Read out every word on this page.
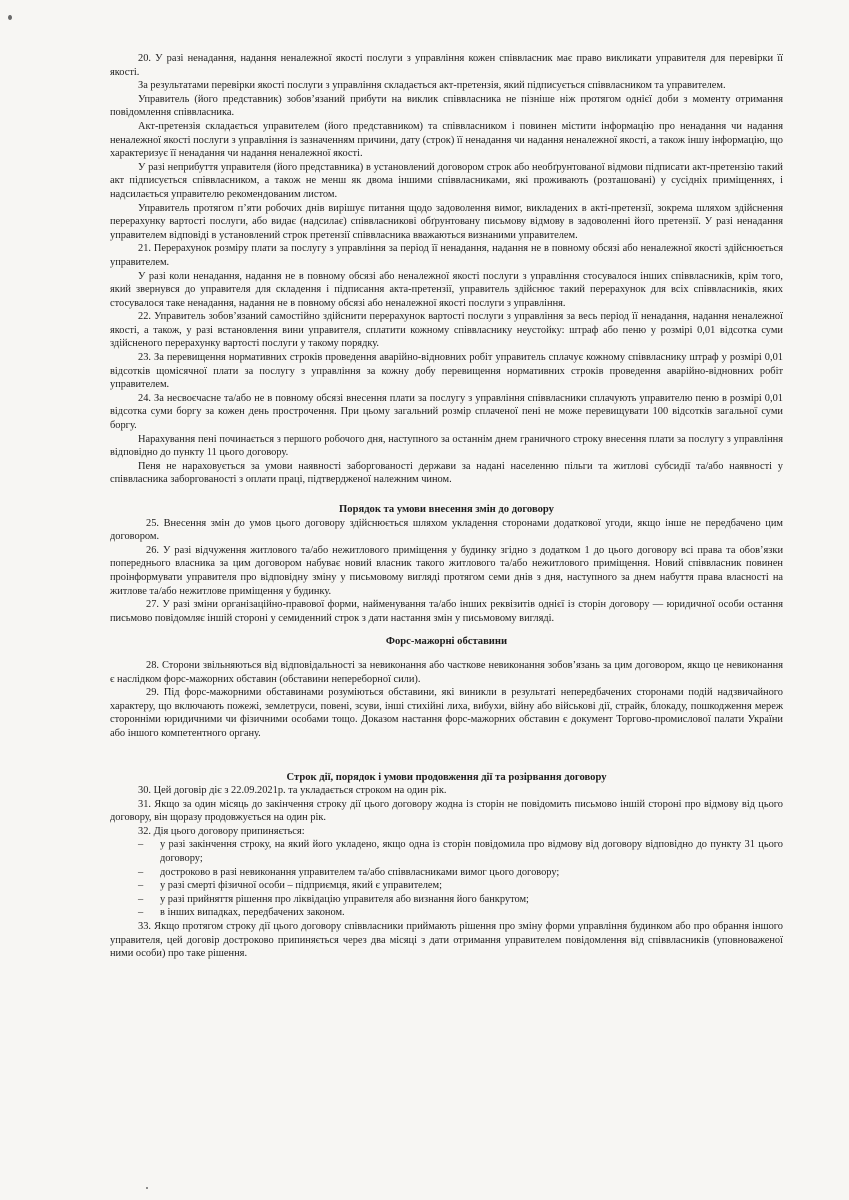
20. У разі ненадання, надання неналежної якості послуги з управління кожен співвласник має право викликати управителя для перевірки її якості.

За результатами перевірки якості послуги з управління складається акт-претензія, який підписується співвласником та управителем.

Управитель (його представник) зобов’язаний прибути на виклик співвласника не пізніше ніж протягом однієї доби з моменту отримання повідомлення співвласника.

Акт-претензія складається управителем (його представником) та співвласником і повинен містити інформацію про ненадання чи надання неналежної якості послуги з управління із зазначенням причини, дату (строк) її ненадання чи надання неналежної якості, а також іншу інформацію, що характеризує її ненадання чи надання неналежної якості.

У разі неприбуття управителя (його представника) в установлений договором строк або необґрунтованої відмови підписати акт-претензію такий акт підписується співвласником, а також не менш як двома іншими співвласниками, які проживають (розташовані) у сусідніх приміщеннях, і надсилається управителю рекомендованим листом.

Управитель протягом п’яти робочих днів вирішує питання щодо задоволення вимог, викладених в акті-претензії, зокрема шляхом здійснення перерахунку вартості послуги, або видає (надсилає) співвласникові обґрунтовану письмову відмову в задоволенні його претензії. У разі ненадання управителем відповіді в установлений строк претензії співвласника вважаються визнаними управителем.

21. Перерахунок розміру плати за послугу з управління за період її ненадання, надання не в повному обсязі або неналежної якості здійснюється управителем.

У разі коли ненадання, надання не в повному обсязі або неналежної якості послуги з управління стосувалося інших співвласників, крім того, який звернувся до управителя для складення і підписання акта-претензії, управитель здійснює такий перерахунок для всіх співвласників, яких стосувалося таке ненадання, надання не в повному обсязі або неналежної якості послуги з управління.

22. Управитель зобов’язаний самостійно здійснити перерахунок вартості послуги з управління за весь період її ненадання, надання неналежної якості, а також, у разі встановлення вини управителя, сплатити кожному співвласнику неустойку: штраф або пеню у розмірі 0,01 відсотка суми здійсненого перерахунку вартості послуги у такому порядку.

23. За перевищення нормативних строків проведення аварійно-відновних робіт управитель сплачує кожному співвласнику штраф у розмірі 0,01 відсотків щомісячної плати за послугу з управління за кожну добу перевищення нормативних строків проведення аварійно-відновних робіт управителем.

24. За несвоєчасне та/або не в повному обсязі внесення плати за послугу з управління співвласники сплачують управителю пеню в розмірі 0,01 відсотка суми боргу за кожен день прострочення. При цьому загальний розмір сплаченої пені не може перевищувати 100 відсотків загальної суми боргу.

Нарахування пені починається з першого робочого дня, наступного за останнім днем граничного строку внесення плати за послугу з управління відповідно до пункту 11 цього договору.

Пеня не нараховується за умови наявності заборгованості держави за надані населенню пільги та житлові субсидії та/або наявності у співвласника заборгованості з оплати праці, підтвердженої належним чином.

Порядок та умови внесення змін до договору

25. Внесення змін до умов цього договору здійснюється шляхом укладення сторонами додаткової угоди, якщо інше не передбачено цим договором.

26. У разі відчуження житлового та/або нежитлового приміщення у будинку згідно з додатком 1 до цього договору всі права та обов’язки попереднього власника за цим договором набуває новий власник такого житлового та/або нежитлового приміщення. Новий співвласник повинен проінформувати управителя про відповідну зміну у письмовому вигляді протягом семи днів з дня, наступного за днем набуття права власності на житлове та/або нежитлове приміщення у будинку.

27. У разі зміни організаційно-правової форми, найменування та/або інших реквізитів однієї із сторін договору — юридичної особи остання письмово повідомляє іншій стороні у семиденний строк з дати настання змін у письмовому вигляді.

Форс-мажорні обставини

28. Сторони звільняються від відповідальності за невиконання або часткове невиконання зобов’язань за цим договором, якщо це невиконання є наслідком форс-мажорних обставин (обставини непереборної сили).

29. Під форс-мажорними обставинами розуміються обставини, які виникли в результаті непередбачених сторонами подій надзвичайного характеру, що включають пожежі, землетруси, повені, зсуви, інші стихійні лиха, вибухи, війну або військові дії, страйк, блокаду, пошкодження мереж сторонніми юридичними чи фізичними особами тощо. Доказом настання форс-мажорних обставин є документ Торгово-промислової палати України або іншого компетентного органу.

Строк дії, порядок і умови продовження дії та розірвання договору

30. Цей договір діє з 22.09.2021р. та укладається строком на один рік.

31. Якщо за один місяць до закінчення строку дії цього договору жодна із сторін не повідомить письмово іншій стороні про відмову від цього договору, він щоразу продовжується на один рік.

32. Дія цього договору припиняється:

– у разі закінчення строку, на який його укладено, якщо одна із сторін повідомила про відмову від договору відповідно до пункту 31 цього договору;
– достроково в разі невиконання управителем та/або співвласниками вимог цього договору;
– у разі смерті фізичної особи – підприємця, який є управителем;
– у разі прийняття рішення про ліквідацію управителя або визнання його банкрутом;
– в інших випадках, передбачених законом.

33. Якщо протягом строку дії цього договору співвласники приймають рішення про зміну форми управління будинком або про обрання іншого управителя, цей договір достроково припиняється через два місяці з дати отримання управителем повідомлення від співвласників (уповноваженої ними особи) про таке рішення.
